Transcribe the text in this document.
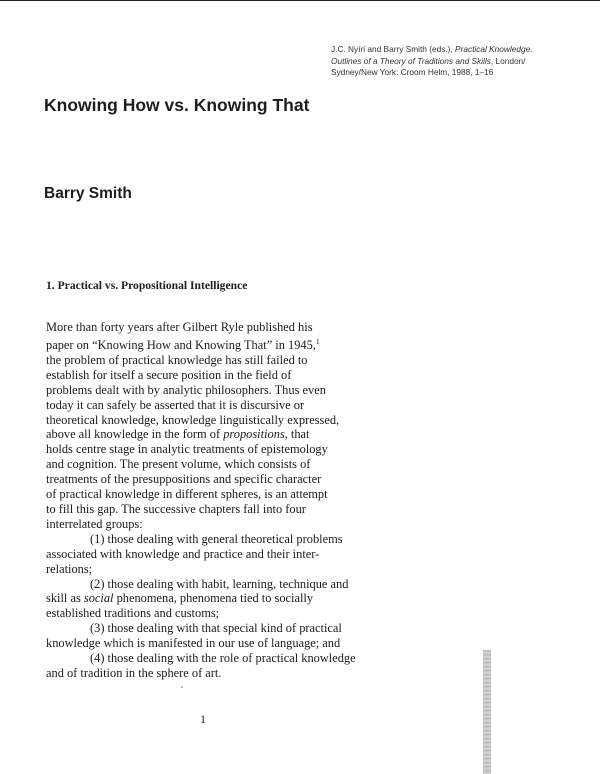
J.C. Nyíri and Barry Smith (eds.), Practical Knowledge.
Outlines of a Theory of Traditions and Skills, London/
Sydney/New York: Croom Helm, 1988, 1–16
Knowing How vs. Knowing That
Barry Smith
1. Practical vs. Propositional Intelligence
More than forty years after Gilbert Ryle published his
paper on “Knowing How and Knowing That” in 1945,$^1$
the problem of practical knowledge has still failed to
establish for itself a secure position in the field of
problems dealt with by analytic philosophers. Thus even
today it can safely be asserted that it is discursive or
theoretical knowledge, knowledge linguistically expressed,
above all knowledge in the form of propositions, that
holds centre stage in analytic treatments of epistemology
and cognition. The present volume, which consists of
treatments of the presuppositions and specific character
of practical knowledge in different spheres, is an attempt
to fill this gap. The successive chapters fall into four
interrelated groups:
(1) those dealing with general theoretical problems
associated with knowledge and practice and their inter-
relations;
(2) those dealing with habit, learning, technique and
skill as social phenomena, phenomena tied to socially
established traditions and customs;
(3) those dealing with that special kind of practical
knowledge which is manifested in our use of language; and
(4) those dealing with the role of practical knowledge
and of tradition in the sphere of art.
1
